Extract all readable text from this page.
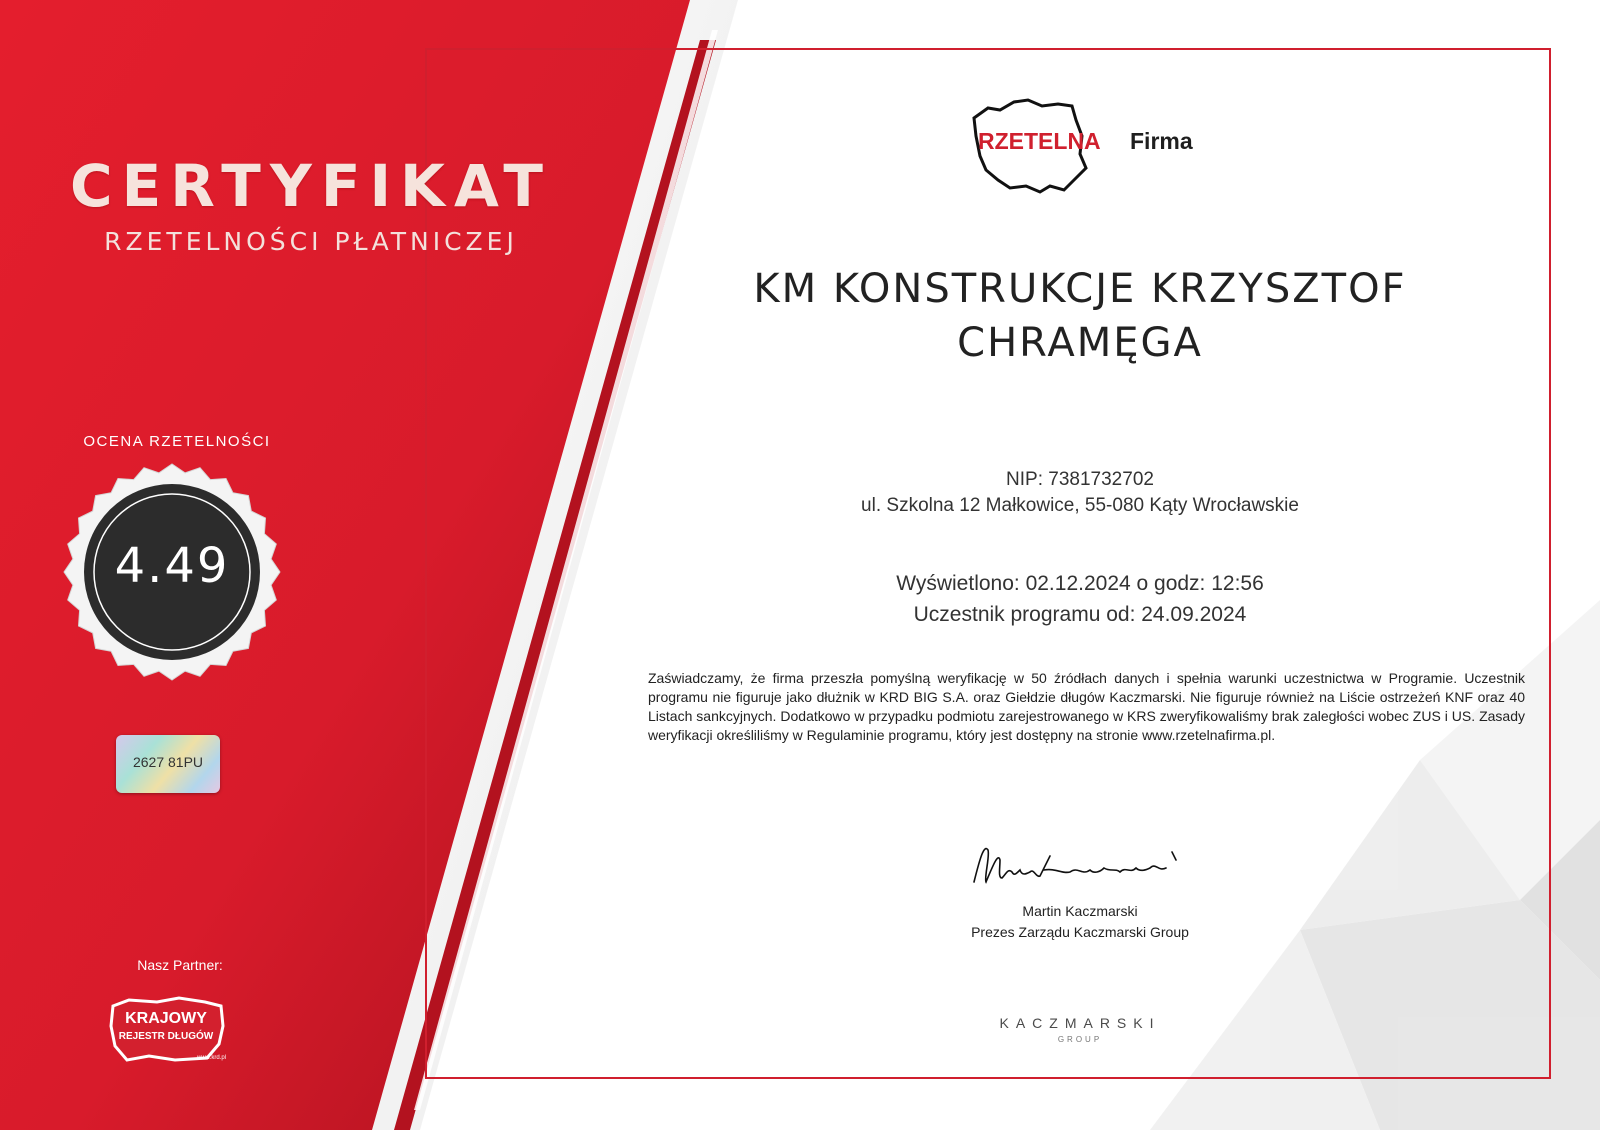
CERTYFIKAT
RZETELNOŚCI PŁATNICZEJ
OCENA RZETELNOŚCI
4.49
2627 81PU
Nasz Partner:
KRAJOWY
REJESTR DŁUGÓW
www.krd.pl
RZETELNA Firma
KM KONSTRUKCJE KRZYSZTOF
CHRAMĘGA
NIP: 7381732702
ul. Szkolna 12 Małkowice, 55-080 Kąty Wrocławskie
Wyświetlono: 02.12.2024 o godz: 12:56
Uczestnik programu od: 24.09.2024
Zaświadczamy, że firma przeszła pomyślną weryfikację w 50 źródłach danych i spełnia warunki uczestnictwa w Programie. Uczestnik programu nie figuruje jako dłużnik w KRD BIG S.A. oraz Giełdzie długów Kaczmarski. Nie figuruje również na Liście ostrzeżeń KNF oraz 40 Listach sankcyjnych. Dodatkowo w przypadku podmiotu zarejestrowanego w KRS zweryfikowaliśmy brak zaległości wobec ZUS i US. Zasady weryfikacji określiliśmy w Regulaminie programu, który jest dostępny na stronie www.rzetelnafirma.pl.
Martin Kaczmarski
Prezes Zarządu Kaczmarski Group
KACZMARSKI
GROUP
